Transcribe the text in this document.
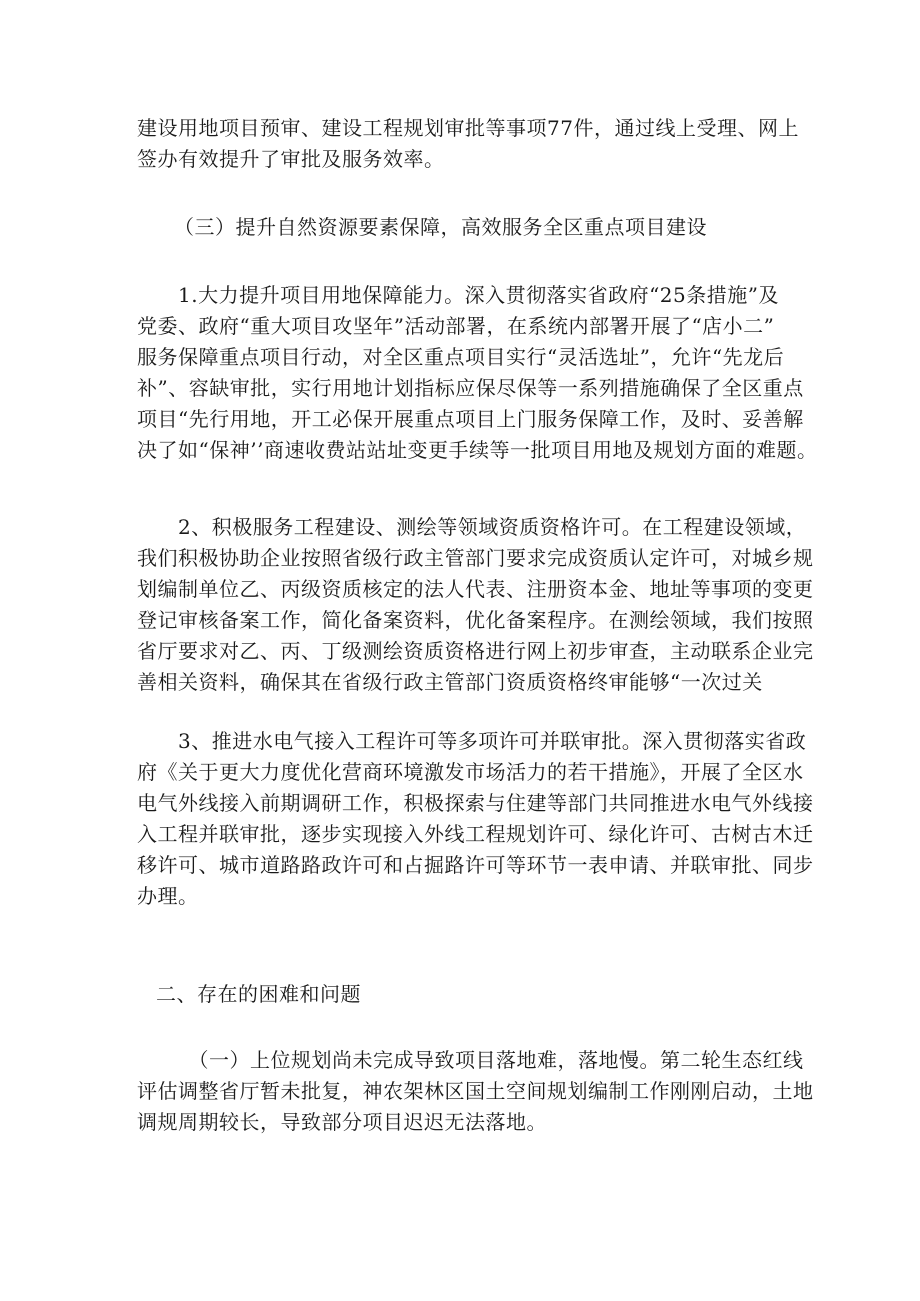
建设用地项目预审、建设工程规划审批等事项77件，通过线上受理、网上
签办有效提升了审批及服务效率。

（三）提升自然资源要素保障，高效服务全区重点项目建设

　　1.大力提升项目用地保障能力。深入贯彻落实省政府“25条措施”及
党委、政府“重大项目攻坚年”活动部署，在系统内部署开展了“店小二”
服务保障重点项目行动，对全区重点项目实行“灵活选址”，允许“先龙后
补”、容缺审批，实行用地计划指标应保尽保等一系列措施确保了全区重点
项目“先行用地，开工必保开展重点项目上门服务保障工作，及时、妥善解
决了如“保神’’商速收费站站址变更手续等一批项目用地及规划方面的难题。

　　2、积极服务工程建设、测绘等领域资质资格许可。在工程建设领域，
我们积极协助企业按照省级行政主管部门要求完成资质认定许可，对城乡规
划编制单位乙、丙级资质核定的法人代表、注册资本金、地址等事项的变更
登记审核备案工作，简化备案资料，优化备案程序。在测绘领域，我们按照
省厅要求对乙、丙、丁级测绘资质资格进行网上初步审查，主动联系企业完
善相关资料，确保其在省级行政主管部门资质资格终审能够“一次过关

　　3、推进水电气接入工程许可等多项许可并联审批。深入贯彻落实省政
府《关于更大力度优化营商环境激发市场活力的若干措施》，开展了全区水
电气外线接入前期调研工作，积极探索与住建等部门共同推进水电气外线接
入工程并联审批，逐步实现接入外线工程规划许可、绿化许可、古树古木迁
移许可、城市道路路政许可和占掘路许可等环节一表申请、并联审批、同步
办理。

二、存在的困难和问题

　　　（一）上位规划尚未完成导致项目落地难，落地慢。第二轮生态红线
评估调整省厅暂未批复，神农架林区国土空间规划编制工作刚刚启动，土地
调规周期较长，导致部分项目迟迟无法落地。
